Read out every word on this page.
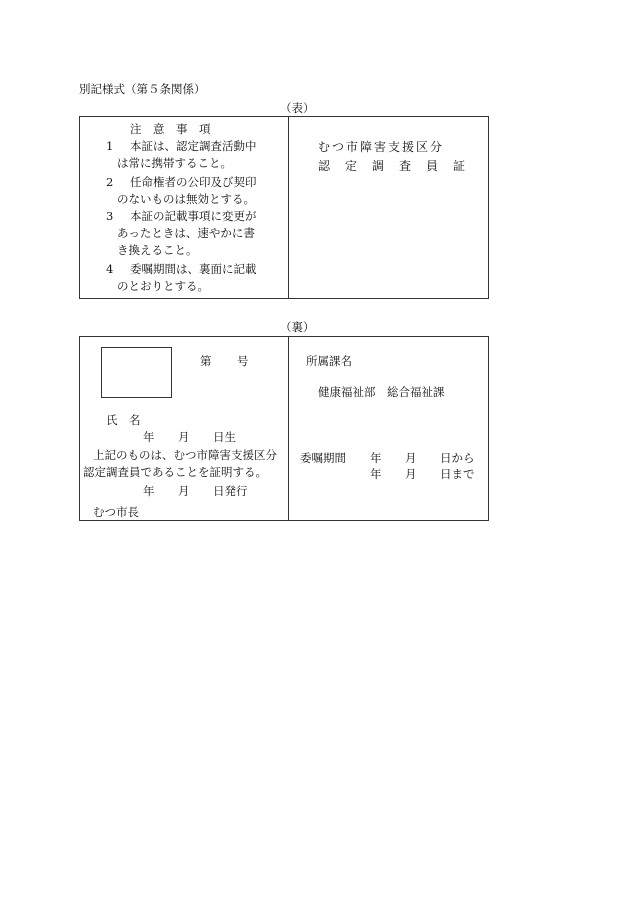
別記様式（第５条関係）
（表）
注　意　事　項
1 本証は、認定調査活動中
は常に携帯すること。
2 任命権者の公印及び契印
のないものは無効とする。
3 本証の記載事項に変更が
あったときは、速やかに書
き換えること。
4 委嘱期間は、裏面に記載
のとおりとする。
むつ市障害支援区分
認定調査員証
（裏）
第 号
氏　名
年 月 日生
上記のものは、むつ市障害支援区分
認定調査員であることを証明する。
年 月 日発行
むつ市長
所属課名
健康福祉部　総合福祉課
委嘱期間 年 月 日から
年 月 日まで
